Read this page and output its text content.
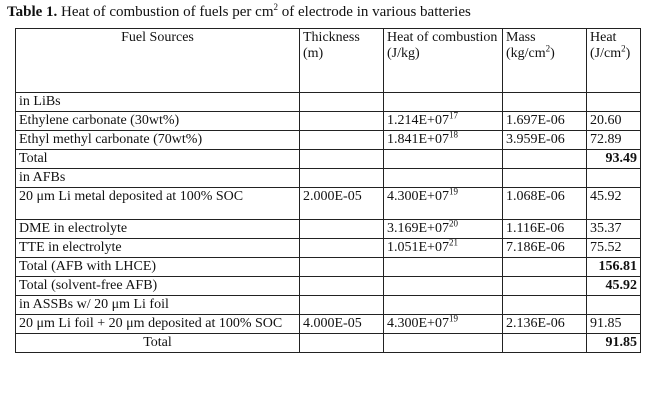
Table 1. Heat of combustion of fuels per $cm^2$ of electrode in various batteries
Fuel Sources	Thickness (m)	Heat of combustion (J/kg)	Mass $(kg/cm^2)$	Heat $(J/cm^2)$
in LiBs				
Ethylene carbonate (30wt%)		$1.214E+07^{17}$	1.697E-06	20.60
Ethyl methyl carbonate (70wt%)		$1.841E+07^{18}$	3.959E-06	72.89
Total				93.49
in AFBs				
20 μm Li metal deposited at 100% SOC	2.000E-05	$4.300E+07^{19}$	1.068E-06	45.92
DME in electrolyte		$3.169E+07^{20}$	1.116E-06	35.37
TTE in electrolyte		$1.051E+07^{21}$	7.186E-06	75.52
Total (AFB with LHCE)				156.81
Total (solvent-free AFB)				45.92
in ASSBs w/ 20 μm Li foil				
20 μm Li foil + 20 μm deposited at 100% SOC	4.000E-05	$4.300E+07^{19}$	2.136E-06	91.85
Total				91.85
